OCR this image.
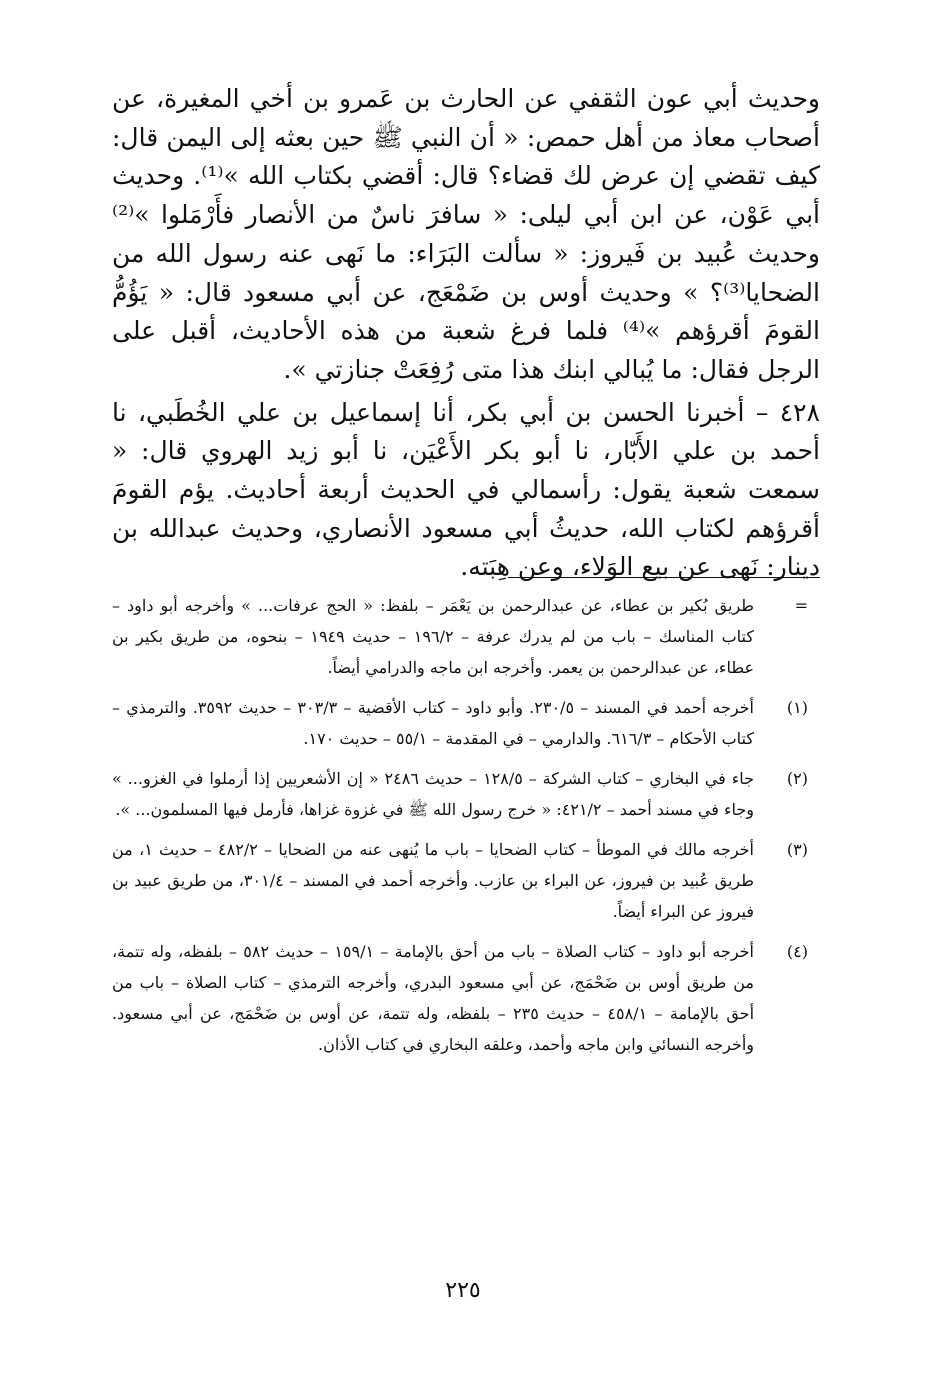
وحديث أبي عون الثقفي عن الحارث بن عَمرو بن أخي المغيرة، عن أصحاب معاذ من أهل حمص: « أن النبي ﷺ حين بعثه إلى اليمن قال: كيف تقضي إن عرض لك قضاء؟ قال: أقضي بكتاب الله »⁽¹⁾. وحديث أبي عَوْن، عن ابن أبي ليلى: « سافرَ ناسٌ من الأنصار فأَرْمَلوا »⁽²⁾ وحديث عُبيد بن فَيروز: « سألت البَرَاء: ما نَهى عنه رسول الله من الضحايا⁽³⁾؟ » وحديث أوس بن ضَمْعَج، عن أبي مسعود قال: « يَؤُمُّ القومَ أقرؤهم »⁽⁴⁾ فلما فرغ شعبة من هذه الأحاديث، أقبل على الرجل فقال: ما يُبالي ابنك هذا متى رُفِعَتْ جنازتي ».

٤٢٨ – أخبرنا الحسن بن أبي بكر، أنا إسماعيل بن علي الخُطَبي، نا أحمد بن علي الأَبّار، نا أبو بكر الأَعْيَن، نا أبو زيد الهروي قال: « سمعت شعبة يقول: رأسمالي في الحديث أربعة أحاديث. يؤم القومَ أقرؤهم لكتاب الله، حديثُ أبي مسعود الأنصاري، وحديث عبدالله بن دينار: نَهى عن بيع الوَلاء، وعن هِبَته.

=
طريق بُكير بن عطاء، عن عبدالرحمن بن يَعْمَر – بلفظ: « الحج عرفات... » وأخرجه أبو داود – كتاب المناسك – باب من لم يدرك عرفة – ١٩٦/٢ – حديث ١٩٤٩ – بنحوه، من طريق بكير بن عطاء، عن عبدالرحمن بن يعمر. وأخرجه ابن ماجه والدرامي أيضاً.
(١)
أخرجه أحمد في المسند – ٢٣٠/٥. وأبو داود – كتاب الأقضية – ٣٠٣/٣ – حديث ٣٥٩٢. والترمذي – كتاب الأحكام – ٦١٦/٣. والدارمي – في المقدمة – ٥٥/١ – حديث ١٧٠.
(٢)
جاء في البخاري – كتاب الشركة – ١٢٨/٥ – حديث ٢٤٨٦ « إن الأشعريين إذا أرملوا في الغزو... » وجاء في مسند أحمد – ٤٢١/٢: « خرج رسول الله ﷺ في غزوة غزاها، فأرمل فيها المسلمون... ».
(٣)
أخرجه مالك في الموطأ – كتاب الضحايا – باب ما يُنهى عنه من الضحايا – ٤٨٢/٢ – حديث ١، من طريق عُبيد بن فيروز، عن البراء بن عازب. وأخرجه أحمد في المسند – ٣٠١/٤، من طريق عبيد بن فيروز عن البراء أيضاً.
(٤)
أخرجه أبو داود – كتاب الصلاة – باب من أحق بالإمامة – ١٥٩/١ – حديث ٥٨٢ – بلفظه، وله تتمة، من طريق أوس بن ضَحْمَج، عن أبي مسعود البدري، وأخرجه الترمذي – كتاب الصلاة – باب من أحق بالإمامة – ٤٥٨/١ – حديث ٢٣٥ – بلفظه، وله تتمة، عن أوس بن ضَحْمَج، عن أبي مسعود. وأخرجه النسائي وابن ماجه وأحمد، وعلقه البخاري في كتاب الأذان.
٢٢٥
